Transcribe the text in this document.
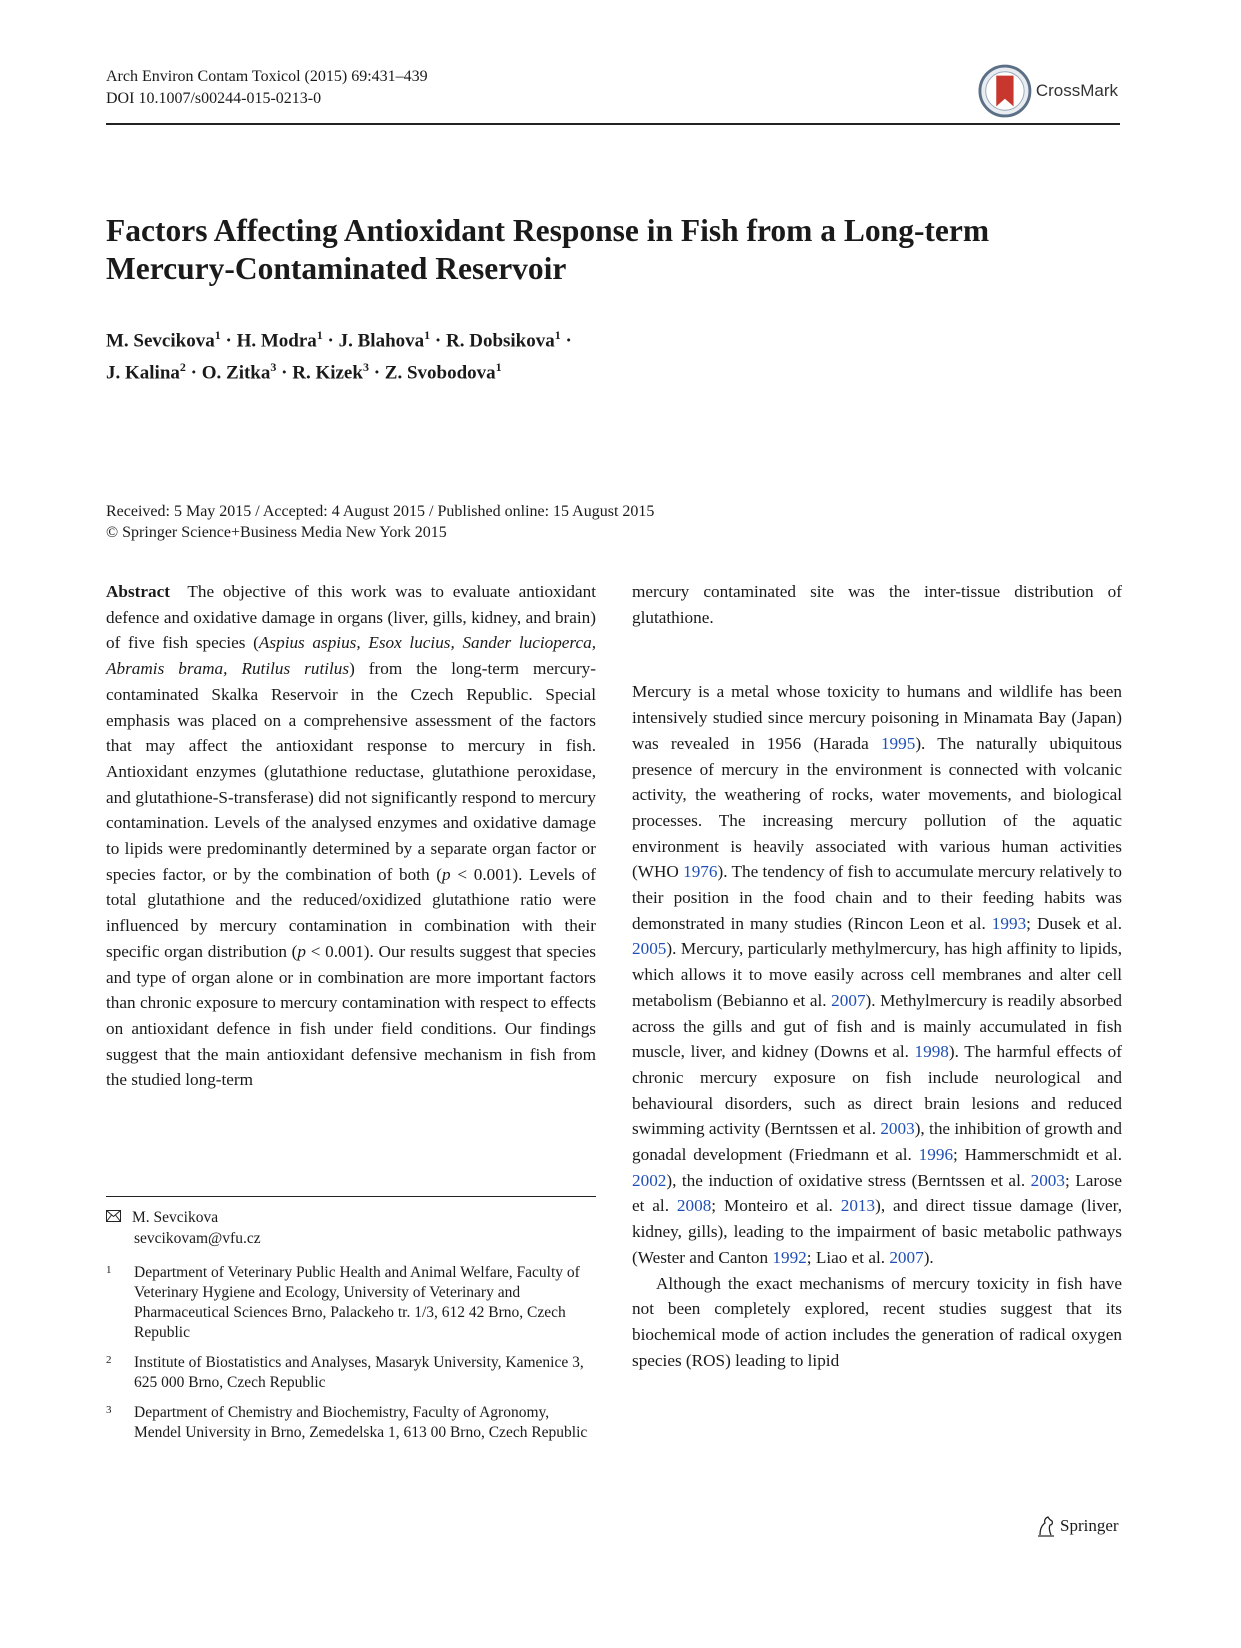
Arch Environ Contam Toxicol (2015) 69:431–439
DOI 10.1007/s00244-015-0213-0	CrossMark
Factors Affecting Antioxidant Response in Fish from a Long-term
Mercury-Contaminated Reservoir
M. Sevcikova$^1$ · H. Modra$^1$ · J. Blahova$^1$ · R. Dobsikova$^1$ ·
J. Kalina$^2$ · O. Zitka$^3$ · R. Kizek$^3$ · Z. Svobodova$^1$
Received: 5 May 2015 / Accepted: 4 August 2015 / Published online: 15 August 2015
© Springer Science+Business Media New York 2015

Abstract The objective of this work was to evaluate antioxidant defence and oxidative damage in organs (liver, gills, kidney, and brain) of five fish species (Aspius aspius, Esox lucius, Sander lucioperca, Abramis brama, Rutilus rutilus) from the long-term mercury-contaminated Skalka Reservoir in the Czech Republic. Special emphasis was placed on a comprehensive assessment of the factors that may affect the antioxidant response to mercury in fish. Antioxidant enzymes (glutathione reductase, glutathione peroxidase, and glutathione-S-transferase) did not significantly respond to mercury contamination. Levels of the analysed enzymes and oxidative damage to lipids were predominantly determined by a separate organ factor or species factor, or by the combination of both (p < 0.001). Levels of total glutathione and the reduced/oxidized glutathione ratio were influenced by mercury contamination in combination with their specific organ distribution (p < 0.001). Our results suggest that species and type of organ alone or in combination are more important factors than chronic exposure to mercury contamination with respect to effects on antioxidant defence in fish under field conditions. Our findings suggest that the main antioxidant defensive mechanism in fish from the studied long-term

mercury contaminated site was the inter-tissue distribution of glutathione.

Mercury is a metal whose toxicity to humans and wildlife has been intensively studied since mercury poisoning in Minamata Bay (Japan) was revealed in 1956 (Harada 1995). The naturally ubiquitous presence of mercury in the environment is connected with volcanic activity, the weathering of rocks, water movements, and biological processes. The increasing mercury pollution of the aquatic environment is heavily associated with various human activities (WHO 1976). The tendency of fish to accumulate mercury relatively to their position in the food chain and to their feeding habits was demonstrated in many studies (Rincon Leon et al. 1993; Dusek et al. 2005). Mercury, particularly methylmercury, has high affinity to lipids, which allows it to move easily across cell membranes and alter cell metabolism (Bebianno et al. 2007). Methylmercury is readily absorbed across the gills and gut of fish and is mainly accumulated in fish muscle, liver, and kidney (Downs et al. 1998). The harmful effects of chronic mercury exposure on fish include neurological and behavioural disorders, such as direct brain lesions and reduced swimming activity (Berntssen et al. 2003), the inhibition of growth and gonadal development (Friedmann et al. 1996; Hammerschmidt et al. 2002), the induction of oxidative stress (Berntssen et al. 2003; Larose et al. 2008; Monteiro et al. 2013), and direct tissue damage (liver, kidney, gills), leading to the impairment of basic metabolic pathways (Wester and Canton 1992; Liao et al. 2007).

Although the exact mechanisms of mercury toxicity in fish have not been completely explored, recent studies suggest that its biochemical mode of action includes the generation of radical oxygen species (ROS) leading to lipid

M. Sevcikova
sevcikovam@vfu.cz
1	Department of Veterinary Public Health and Animal Welfare, Faculty of Veterinary Hygiene and Ecology, University of Veterinary and Pharmaceutical Sciences Brno, Palackeho tr. 1/3, 612 42 Brno, Czech Republic
2	Institute of Biostatistics and Analyses, Masaryk University, Kamenice 3, 625 000 Brno, Czech Republic
3	Department of Chemistry and Biochemistry, Faculty of Agronomy, Mendel University in Brno, Zemedelska 1, 613 00 Brno, Czech Republic
Springer
